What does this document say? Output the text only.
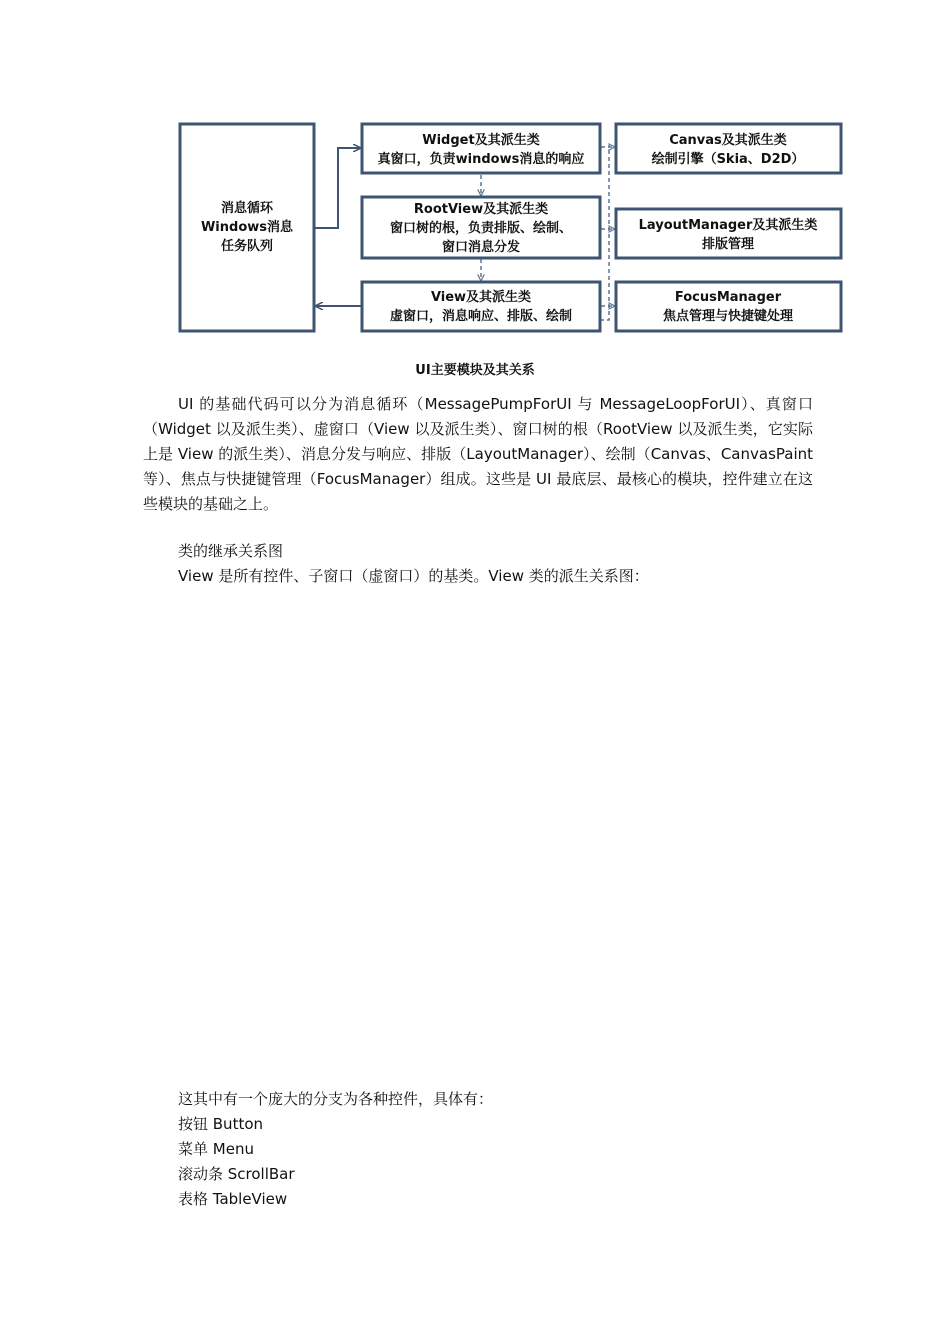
消息循环
Windows消息
任务队列
Widget及其派生类
真窗口，负责windows消息的响应
RootView及其派生类
窗口树的根，负责排版、绘制、
窗口消息分发
View及其派生类
虚窗口，消息响应、排版、绘制
Canvas及其派生类
绘制引擎（Skia、D2D）
LayoutManager及其派生类
排版管理
FocusManager
焦点管理与快捷键处理
UI主要模块及其关系
UI 的基础代码可以分为消息循环（MessagePumpForUI 与 MessageLoopForUI）、真窗口（Widget 以及派生类）、虚窗口（View 以及派生类）、窗口树的根（RootView 以及派生类，它实际上是 View 的派生类）、消息分发与响应、排版（LayoutManager）、绘制（Canvas、CanvasPaint 等）、焦点与快捷键管理（FocusManager）组成。这些是 UI 最底层、最核心的模块，控件建立在这些模块的基础之上。
类的继承关系图
View 是所有控件、子窗口（虚窗口）的基类。View 类的派生关系图：
这其中有一个庞大的分支为各种控件，具体有：
按钮 Button
菜单 Menu
滚动条 ScrollBar
表格 TableView
